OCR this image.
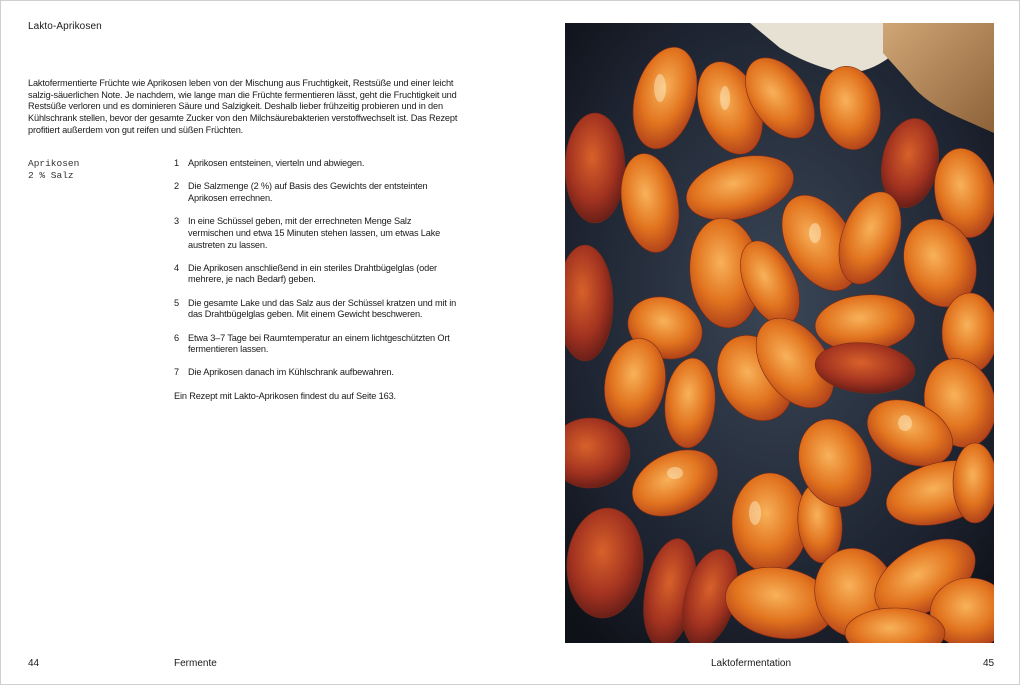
Lakto-Aprikosen

Laktofermentierte Früchte wie Aprikosen leben von der Mischung aus Fruchtigkeit, Restsüße und einer leicht salzig-säuerlichen Note. Je nachdem, wie lange man die Früchte fermentieren lässt, geht die Fruchtigkeit und Restsüße verloren und es dominieren Säure und Salzigkeit. Deshalb lieber frühzeitig probieren und in den Kühlschrank stellen, bevor der gesamte Zucker von den Milchsäurebakterien verstoffwechselt ist. Das Rezept profitiert außerdem von gut reifen und süßen Früchten.

Aprikosen
2 % Salz
1 Aprikosen entsteinen, vierteln und abwiegen.
2 Die Salzmenge (2 %) auf Basis des Gewichts der entsteinten Aprikosen errechnen.
3 In eine Schüssel geben, mit der errechneten Menge Salz vermischen und etwa 15 Minuten stehen lassen, um etwas Lake austreten zu lassen.
4 Die Aprikosen anschließend in ein steriles Drahtbügelglas (oder mehrere, je nach Bedarf) geben.
5 Die gesamte Lake und das Salz aus der Schüssel kratzen und mit in das Drahtbügelglas geben. Mit einem Gewicht beschweren.
6 Etwa 3–7 Tage bei Raumtemperatur an einem lichtgeschützten Ort fermentieren lassen.
7 Die Aprikosen danach im Kühlschrank aufbewahren.
Ein Rezept mit Lakto-Aprikosen findest du auf Seite 163.
44	Fermente	Laktofermentation	45
